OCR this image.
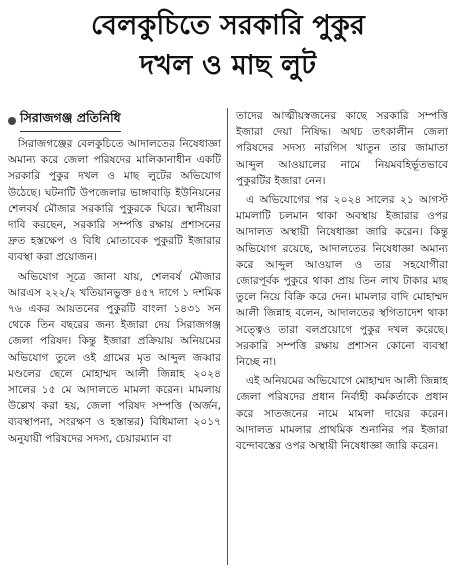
বেলকুচিতে সরকারি পুকুর
দখল ও মাছ লুট
সিরাজগঞ্জ প্রতিনিধি

সিরাজগঞ্জের বেলকুচিতে আদালতের নিষেধাজ্ঞা অমান্য করে জেলা পরিষদের মালিকানাধীন একটি সরকারি পুকুর দখল ও মাছ লুটের অভিযোগ উঠেছে। ঘটনাটি উপজেলার ভাঙ্গাবাড়ি ইউনিয়নের শেলবর্ষ মৌজার সরকারি পুকুরকে ঘিরে। স্থানীয়রা দাবি করছেন, সরকারি সম্পত্তি রক্ষায় প্রশাসনের দ্রুত হস্তক্ষেপ ও বিধি মোতাবেক পুকুরটি ইজারার ব্যবস্থা করা প্রয়োজন।

অভিযোগ সূত্রে জানা যায়, শেলবর্ষ মৌজার আরএস ২২২/২ খতিয়ানভুক্ত ৪৫৭ দাগে ১ দশমিক ৭৬ একর আয়তনের পুকুরটি বাংলা ১৪৩১ সন থেকে তিন বছরের জন্য ইজারা দেয় সিরাজগঞ্জ জেলা পরিষদ। কিন্তু ইজারা প্রক্রিয়ায় অনিয়মের অভিযোগ তুলে ওই গ্রামের মৃত আব্দুল জব্বার মণ্ডলের ছেলে মোহাম্মদ আলী জিন্নাহ ২০২৪ সালের ১৫ মে আদালতে মামলা করেন। মামলায় উল্লেখ করা হয়, জেলা পরিষদ সম্পত্তি (অর্জন, ব্যবস্থাপনা, সংরক্ষণ ও হস্তান্তর) বিধিমালা ২০১৭ অনুযায়ী পরিষদের সদস্য, চেয়ারম্যান বা

তাদের আত্মীয়স্বজনের কাছে সরকারি সম্পত্তি ইজারা দেয়া নিষিদ্ধ। অথচ তৎকালীন জেলা পরিষদের সদস্য নারগিস খাতুন তার জামাতা আব্দুল আওয়ালের নামে নিয়মবহির্ভূতভাবে পুকুরটির ইজারা নেন।

এ অভিযোগের পর ২০২৪ সালের ২১ আগস্ট মামলাটি চলমান থাকা অবস্থায় ইজারার ওপর আদালত অস্থায়ী নিষেধাজ্ঞা জারি করেন। কিন্তু অভিযোগ রয়েছে, আদালতের নিষেধাজ্ঞা অমান্য করে আব্দুল আওয়াল ও তার সহযোগীরা জোরপূর্বক পুকুরে থাকা প্রায় তিন লাখ টাকার মাছ তুলে নিয়ে বিক্রি করে দেন। মামলার বাদি মোহাম্মদ আলী জিন্নাহ বলেন, আদালতের স্থগিতাদেশ থাকা সত্ত্বেও তারা বলপ্রয়োগে পুকুর দখল করেছে। সরকারি সম্পত্তি রক্ষায় প্রশাসন কোনো ব্যবস্থা নিচ্ছে না।

এই অনিয়মের অভিযোগে মোহাম্মদ আলী জিন্নাহ জেলা পরিষদের প্রধান নির্বাহী কর্মকর্তাকে প্রধান করে সাতজনের নামে মামলা দায়ের করেন। আদালত মামলার প্রাথমিক শুনানির পর ইজারা বন্দোবস্তের ওপর অস্থায়ী নিষেধাজ্ঞা জারি করেন।
